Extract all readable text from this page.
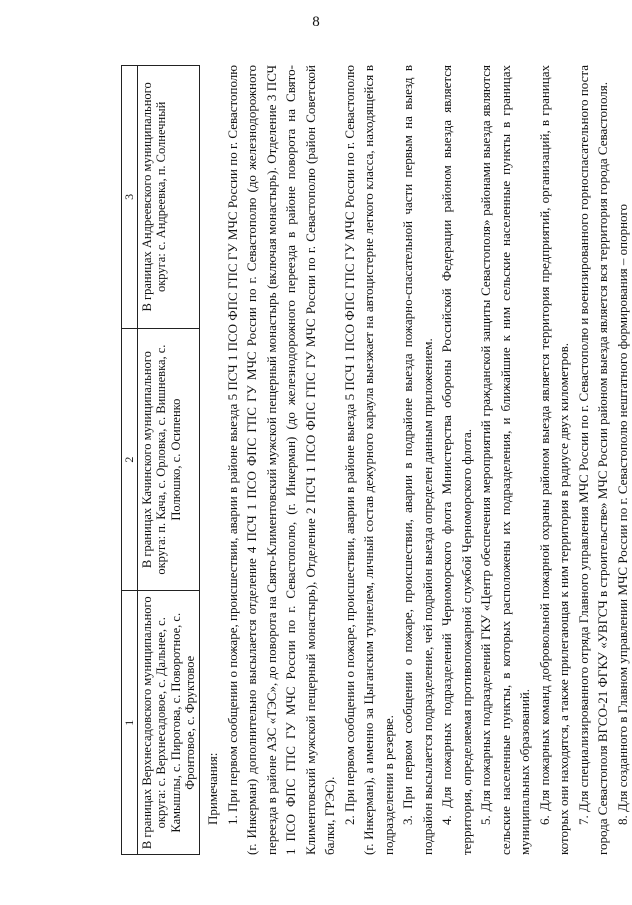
8
1	2	3
В границах Верхнесадовского муниципального округа: с. Верхнесадовое, с. Дальнее, с. Камышлы, с. Пирогова, с. Поворотное, с. Фронтовое, с. Фруктовое	В границах Качинского муниципального округа: п. Кача, с. Орловка, с. Вишневка, с. Полюшко, с. Осипенко	В границах Андреевского муниципального округа: с. Андреевка, п. Солнечный
Примечания: 1. При первом сообщении о пожаре, происшествии, аварии в районе выезда 5 ПСЧ 1 ПСО ФПС ГПС ГУ МЧС России по г. Севастополю (г. Инкерман) дополнительно высылается отделение 4 ПСЧ 1 ПСО ФПС ГПС ГУ МЧС России по г. Севастополю (до железнодорожного переезда в районе АЗС «ТЭС», до поворота на Свято-Климентовский мужской пещерный монастырь (включая монастырь). Отделение 3 ПСЧ 1 ПСО ФПС ГПС ГУ МЧС России по г. Севастополю, (г. Инкерман) (до железнодорожного переезда в районе поворота на Свято-Климентовский мужской пещерный монастырь), Отделение 2 ПСЧ 1 ПСО ФПС ГПС ГУ МЧС России по г. Севастополю (район Советской балки, ГРЭС). 2. При первом сообщении о пожаре, происшествии, аварии в районе выезда 5 ПСЧ 1 ПСО ФПС ГПС ГУ МЧС России по г. Севастополю (г. Инкерман), а именно за Цыганским туннелем, личный состав дежурного караула выезжает на автоцистерне легкого класса, находящейся в подразделении в резерве. 3. При первом сообщении о пожаре, происшествии, аварии в подрайоне выезда пожарно-спасательной части первым на выезд в подрайон высылается подразделение, чей подрайон выезда определен данным приложением. 4. Для пожарных подразделений Черноморского флота Министерства обороны Российской Федерации районом выезда является территория, определяемая противопожарной службой Черноморского флота. 5. Для пожарных подразделений ГКУ «Центр обеспечения мероприятий гражданской защиты Севастополя» районами выезда являются сельские населенные пункты, в которых расположены их подразделения, и ближайшие к ним сельские населенные пункты в границах муниципальных образований. 6. Для пожарных команд добровольной пожарной охраны районом выезда является территория предприятий, организаций, в границах которых они находятся, а также прилегающая к ним территория в радиусе двух километров. 7. Для специализированного отряда Главного управления МЧС России по г. Севастополю и военизированного горноспасательного поста города Севастополя ВГСО-21 ФГКУ «УВГСЧ в строительстве» МЧС России районом выезда является вся территория города Севастополя. 8. Для созданного в Главном управлении МЧС России по г. Севастополю нештатного формирования – опорного
